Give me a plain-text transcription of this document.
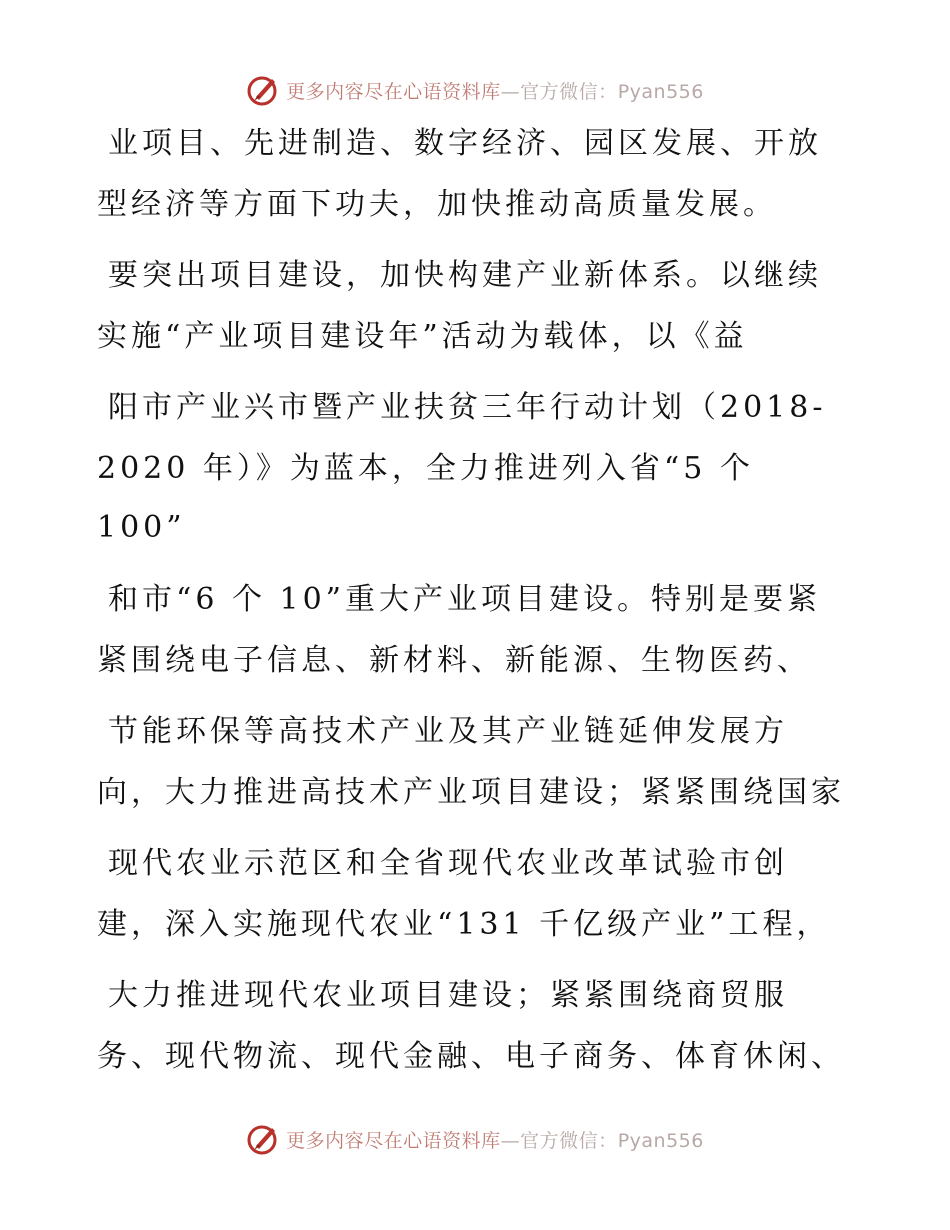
更多内容尽在心语资料库—官方微信：Pyan556
业项目、先进制造、数字经济、园区发展、开放
型经济等方面下功夫，加快推动高质量发展。
要突出项目建设，加快构建产业新体系。以继续
实施“产业项目建设年”活动为载体，以《益
阳市产业兴市暨产业扶贫三年行动计划（2018-
2020 年）》为蓝本，全力推进列入省“5 个
100”
和市“6 个 10”重大产业项目建设。特别是要紧
紧围绕电子信息、新材料、新能源、生物医药、
节能环保等高技术产业及其产业链延伸发展方
向，大力推进高技术产业项目建设；紧紧围绕国家
现代农业示范区和全省现代农业改革试验市创
建，深入实施现代农业“131 千亿级产业”工程，
大力推进现代农业项目建设；紧紧围绕商贸服
务、现代物流、现代金融、电子商务、体育休闲、
更多内容尽在心语资料库—官方微信：Pyan556
